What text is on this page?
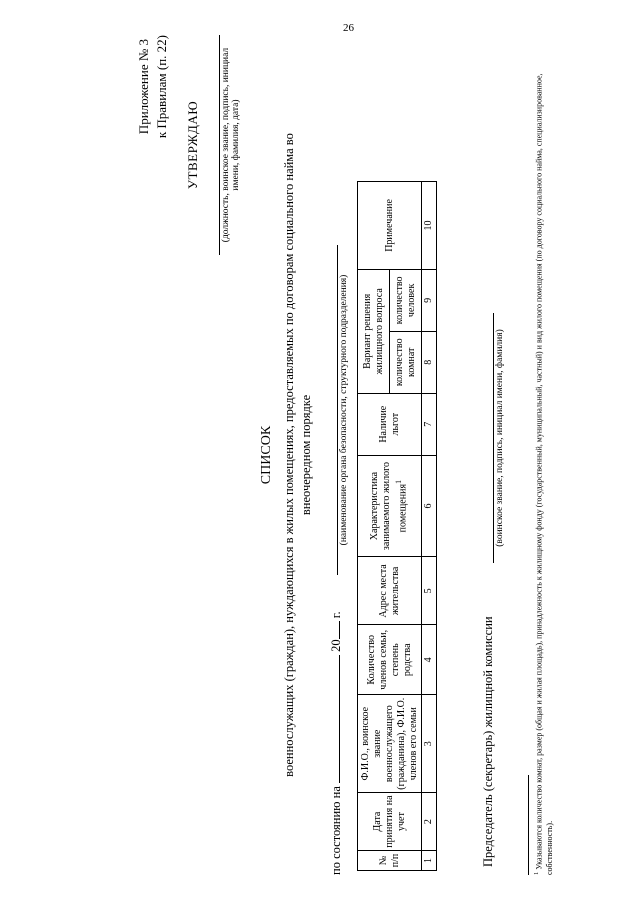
26
Приложение № 3 к Правилам (п. 22)
УТВЕРЖДАЮ (должность, воинское звание, подпись, инициал имени, фамилия, дата)
СПИСОК военнослужащих (граждан), нуждающихся в жилых помещениях, предоставляемых по договорам социального найма во внеочередном порядке
по состоянию на  20 г.
(наименование органа безопасности, структурного подразделения)
№ п/п	Дата принятия на учет	Ф.И.О., воинское звание военнослужащего (гражданина), Ф.И.О. членов его семьи	Количество членов семьи, степень родства	Адрес места жительства	Характеристика занимаемого жилого помещения$^1$	Наличие льгот	Вариант решения жилищного вопроса		Примечание
							количество комнат	количество человек	
1	2	3	4	5	6	7	8	9	10
Председатель (секретарь) жилищной комиссии
(воинское звание, подпись, инициал имени, фамилия)
$^1$ Указываются количество комнат, размер (общая и жилая площадь), принадлежность к жилищному фонду (государственный, муниципальный, частный) и вид жилого помещения (по договору социального найма, специализированное, собственность).
